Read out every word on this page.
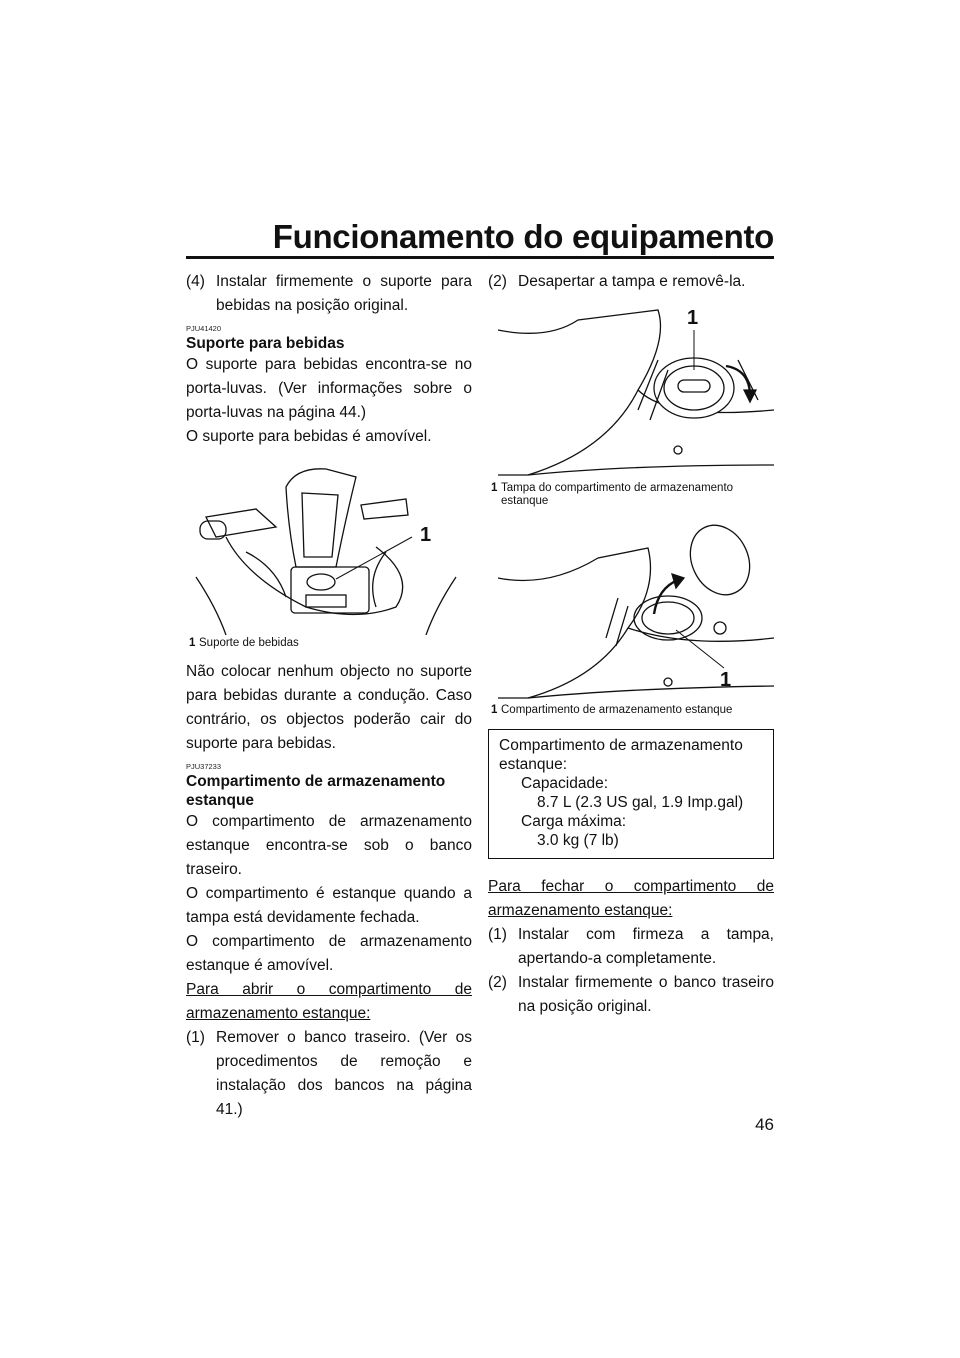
Funcionamento do equipamento
(4) Instalar firmemente o suporte para bebidas na posição original.
PJU41420
Suporte para bebidas

O suporte para bebidas encontra-se no porta-luvas. (Ver informações sobre o porta-luvas na página 44.)

O suporte para bebidas é amovível.

1
1 Suporte de bebidas

Não colocar nenhum objecto no suporte para bebidas durante a condução. Caso contrário, os objectos poderão cair do suporte para bebidas.

PJU37233
Compartimento de armazenamento estanque

O compartimento de armazenamento estanque encontra-se sob o banco traseiro.

O compartimento é estanque quando a tampa está devidamente fechada.

O compartimento de armazenamento estanque é amovível.

Para abrir o compartimento de armazenamento estanque:

(1) Remover o banco traseiro. (Ver os procedimentos de remoção e instalação dos bancos na página 41.)
(2) Desapertar a tampa e removê-la.
1
1 Tampa do compartimento de armazenamento estanque
1
1 Compartimento de armazenamento estanque
Compartimento de armazenamento estanque:
Capacidade:
8.7 L (2.3 US gal, 1.9 Imp.gal)
Carga máxima:
3.0 kg (7 lb)

Para fechar o compartimento de armazenamento estanque:

(1) Instalar com firmeza a tampa, apertando-a completamente.
(2) Instalar firmemente o banco traseiro na posição original.
46
